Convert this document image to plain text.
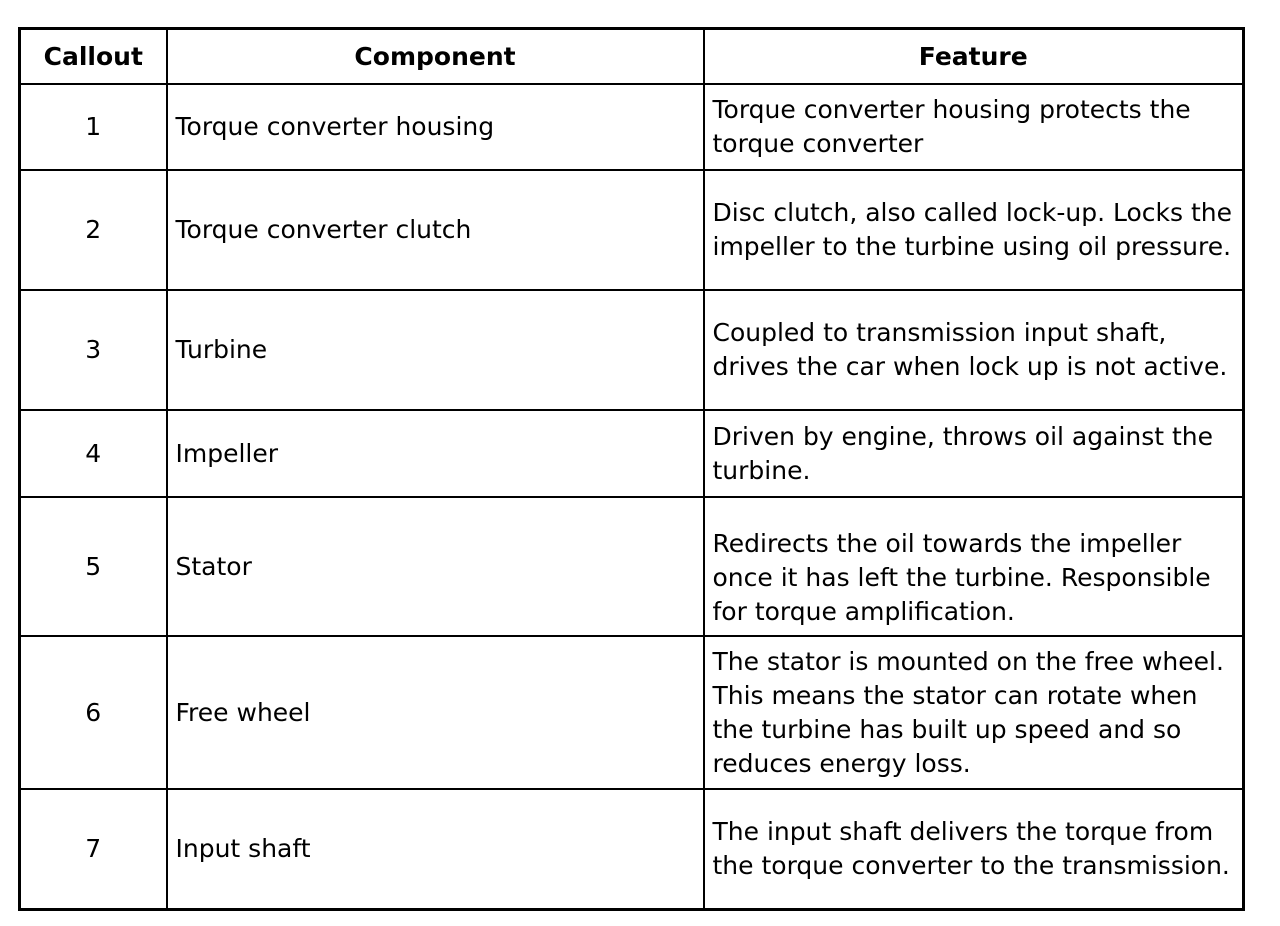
Callout	Component	Feature
1	Torque converter housing	Torque converter housing protects the torque converter
2	Torque converter clutch	Disc clutch, also called lock-up. Locks the impeller to the turbine using oil pressure.
3	Turbine	Coupled to transmission input shaft, drives the car when lock up is not active.
4	Impeller	Driven by engine, throws oil against the turbine.
5	Stator	Redirects the oil towards the impeller once it has left the turbine. Responsible for torque amplification.
6	Free wheel	The stator is mounted on the free wheel. This means the stator can rotate when the turbine has built up speed and so reduces energy loss.
7	Input shaft	The input shaft delivers the torque from the torque converter to the transmission.
